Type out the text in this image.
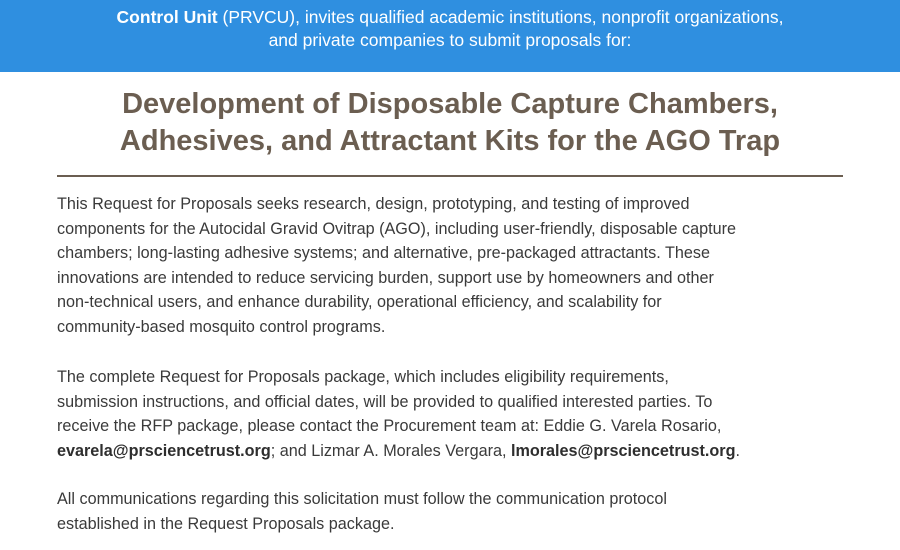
Control Unit (PRVCU), invites qualified academic institutions, nonprofit organizations,
and private companies to submit proposals for:
Development of Disposable Capture Chambers,
Adhesives, and Attractant Kits for the AGO Trap
This Request for Proposals seeks research, design, prototyping, and testing of improved
components for the Autocidal Gravid Ovitrap (AGO), including user-friendly, disposable capture
chambers; long-lasting adhesive systems; and alternative, pre-packaged attractants. These
innovations are intended to reduce servicing burden, support use by homeowners and other
non-technical users, and enhance durability, operational efficiency, and scalability for
community-based mosquito control programs.
The complete Request for Proposals package, which includes eligibility requirements,
submission instructions, and official dates, will be provided to qualified interested parties. To
receive the RFP package, please contact the Procurement team at: Eddie G. Varela Rosario,
evarela@prsciencetrust.org; and Lizmar A. Morales Vergara, lmorales@prsciencetrust.org.
All communications regarding this solicitation must follow the communication protocol
established in the Request Proposals package.
